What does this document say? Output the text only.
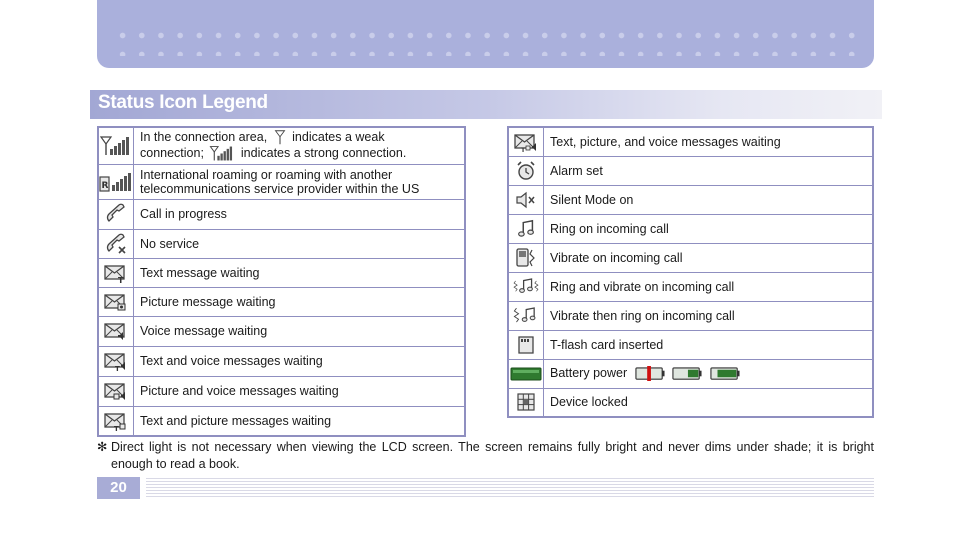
Status Icon Legend
	In the connection area, indicates a weak
connection; indicates a strong connection.

R	International roaming or roaming with another telecommunications service provider within the US

	Call in progress

	No service

T	Text message waiting

	Picture message waiting

	Voice message waiting

T	Text and voice messages waiting

	Picture and voice messages waiting

T	Text and picture messages waiting
T	Text, picture, and voice messages waiting

	Alarm set

	Silent Mode on

	Ring on incoming call

	Vibrate on incoming call

	Ring and vibrate on incoming call

	Vibrate then ring on incoming call

	T-flash card inserted

	Battery power

	Device locked
✻ Direct light is not necessary when viewing the LCD screen. The screen remains fully bright and never dims under shade; it is bright enough to read a book.
20
